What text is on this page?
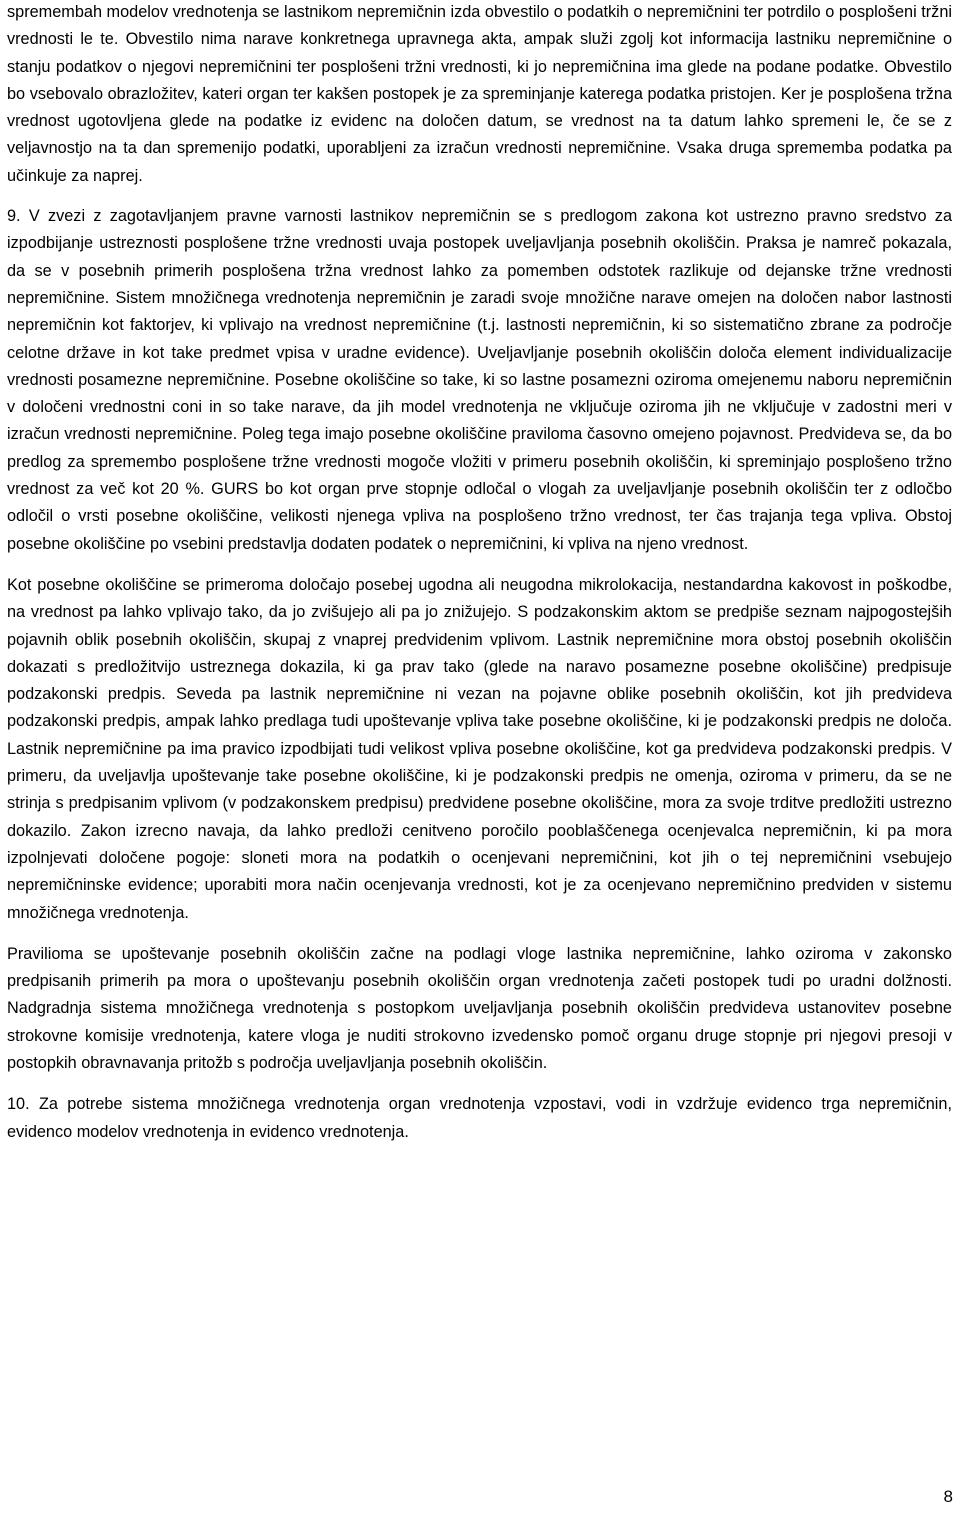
spremembah modelov vrednotenja se lastnikom nepremičnin izda obvestilo o podatkih o nepremičnini ter potrdilo o posplošeni tržni vrednosti le te. Obvestilo nima narave konkretnega upravnega akta, ampak služi zgolj kot informacija lastniku nepremičnine o stanju podatkov o njegovi nepremičnini ter posplošeni tržni vrednosti, ki jo nepremičnina ima glede na podane podatke. Obvestilo bo vsebovalo obrazložitev, kateri organ ter kakšen postopek je za spreminjanje katerega podatka pristojen. Ker je posplošena tržna vrednost ugotovljena glede na podatke iz evidenc na določen datum, se vrednost na ta datum lahko spremeni le, če se z veljavnostjo na ta dan spremenijo podatki, uporabljeni za izračun vrednosti nepremičnine. Vsaka druga sprememba podatka pa učinkuje za naprej.

9. V zvezi z zagotavljanjem pravne varnosti lastnikov nepremičnin se s predlogom zakona kot ustrezno pravno sredstvo za izpodbijanje ustreznosti posplošene tržne vrednosti uvaja postopek uveljavljanja posebnih okoliščin. Praksa je namreč pokazala, da se v posebnih primerih posplošena tržna vrednost lahko za pomemben odstotek razlikuje od dejanske tržne vrednosti nepremičnine. Sistem množičnega vrednotenja nepremičnin je zaradi svoje množične narave omejen na določen nabor lastnosti nepremičnin kot faktorjev, ki vplivajo na vrednost nepremičnine (t.j. lastnosti nepremičnin, ki so sistematično zbrane za področje celotne države in kot take predmet vpisa v uradne evidence). Uveljavljanje posebnih okoliščin določa element individualizacije vrednosti posamezne nepremičnine. Posebne okoliščine so take, ki so lastne posamezni oziroma omejenemu naboru nepremičnin v določeni vrednostni coni in so take narave, da jih model vrednotenja ne vključuje oziroma jih ne vključuje v zadostni meri v izračun vrednosti nepremičnine. Poleg tega imajo posebne okoliščine praviloma časovno omejeno pojavnost. Predvideva se, da bo predlog za spremembo posplošene tržne vrednosti mogoče vložiti v primeru posebnih okoliščin, ki spreminjajo posplošeno tržno vrednost za več kot 20 %. GURS bo kot organ prve stopnje odločal o vlogah za uveljavljanje posebnih okoliščin ter z odločbo odločil o vrsti posebne okoliščine, velikosti njenega vpliva na posplošeno tržno vrednost, ter čas trajanja tega vpliva. Obstoj posebne okoliščine po vsebini predstavlja dodaten podatek o nepremičnini, ki vpliva na njeno vrednost.

Kot posebne okoliščine se primeroma določajo posebej ugodna ali neugodna mikrolokacija, nestandardna kakovost in poškodbe, na vrednost pa lahko vplivajo tako, da jo zvišujejo ali pa jo znižujejo. S podzakonskim aktom se predpiše seznam najpogostejših pojavnih oblik posebnih okoliščin, skupaj z vnaprej predvidenim vplivom. Lastnik nepremičnine mora obstoj posebnih okoliščin dokazati s predložitvijo ustreznega dokazila, ki ga prav tako (glede na naravo posamezne posebne okoliščine) predpisuje podzakonski predpis. Seveda pa lastnik nepremičnine ni vezan na pojavne oblike posebnih okoliščin, kot jih predvideva podzakonski predpis, ampak lahko predlaga tudi upoštevanje vpliva take posebne okoliščine, ki je podzakonski predpis ne določa. Lastnik nepremičnine pa ima pravico izpodbijati tudi velikost vpliva posebne okoliščine, kot ga predvideva podzakonski predpis. V primeru, da uveljavlja upoštevanje take posebne okoliščine, ki je podzakonski predpis ne omenja, oziroma v primeru, da se ne strinja s predpisanim vplivom (v podzakonskem predpisu) predvidene posebne okoliščine, mora za svoje trditve predložiti ustrezno dokazilo. Zakon izrecno navaja, da lahko predloži cenitveno poročilo pooblaščenega ocenjevalca nepremičnin, ki pa mora izpolnjevati določene pogoje: sloneti mora na podatkih o ocenjevani nepremičnini, kot jih o tej nepremičnini vsebujejo nepremičninske evidence; uporabiti mora način ocenjevanja vrednosti, kot je za ocenjevano nepremičnino predviden v sistemu množičnega vrednotenja.

Pravilioma se upoštevanje posebnih okoliščin začne na podlagi vloge lastnika nepremičnine, lahko oziroma v zakonsko predpisanih primerih pa mora o upoštevanju posebnih okoliščin organ vrednotenja začeti postopek tudi po uradni dolžnosti. Nadgradnja sistema množičnega vrednotenja s postopkom uveljavljanja posebnih okoliščin predvideva ustanovitev posebne strokovne komisije vrednotenja, katere vloga je nuditi strokovno izvedensko pomoč organu druge stopnje pri njegovi presoji v postopkih obravnavanja pritožb s področja uveljavljanja posebnih okoliščin.

10. Za potrebe sistema množičnega vrednotenja organ vrednotenja vzpostavi, vodi in vzdržuje evidenco trga nepremičnin, evidenco modelov vrednotenja in evidenco vrednotenja.

8
